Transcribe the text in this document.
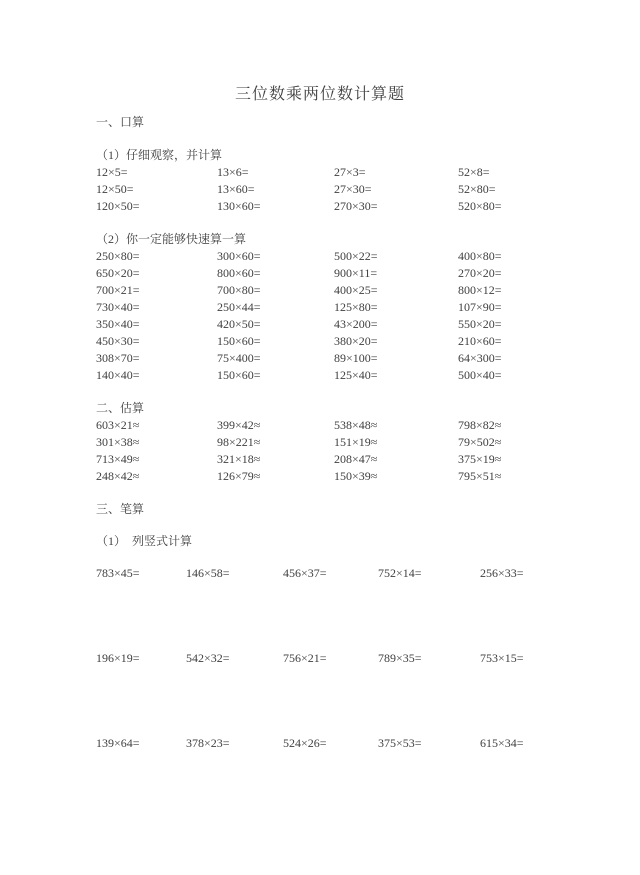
三位数乘两位数计算题
一、口算
（1）仔细观察，并计算
12×5=	13×6=	27×3=	52×8=
12×50=	13×60=	27×30=	52×80=
120×50=	130×60=	270×30=	520×80=
（2）你一定能够快速算一算
250×80=	300×60=	500×22=	400×80=
650×20=	800×60=	900×11=	270×20=
700×21=	700×80=	400×25=	800×12=
730×40=	250×44=	125×80=	107×90=
350×40=	420×50=	43×200=	550×20=
450×30=	150×60=	380×20=	210×60=
308×70=	75×400=	89×100=	64×300=
140×40=	150×60=	125×40=	500×40=
二、估算
603×21≈	399×42≈	538×48≈	798×82≈
301×38≈	98×221≈	151×19≈	79×502≈
713×49≈	321×18≈	208×47≈	375×19≈
248×42≈	126×79≈	150×39≈	795×51≈
三、笔算
（1）　列竖式计算
783×45=	146×58=	456×37=	752×14=	256×33=
196×19=	542×32=	756×21=	789×35=	753×15=
139×64=	378×23=	524×26=	375×53=	615×34=
